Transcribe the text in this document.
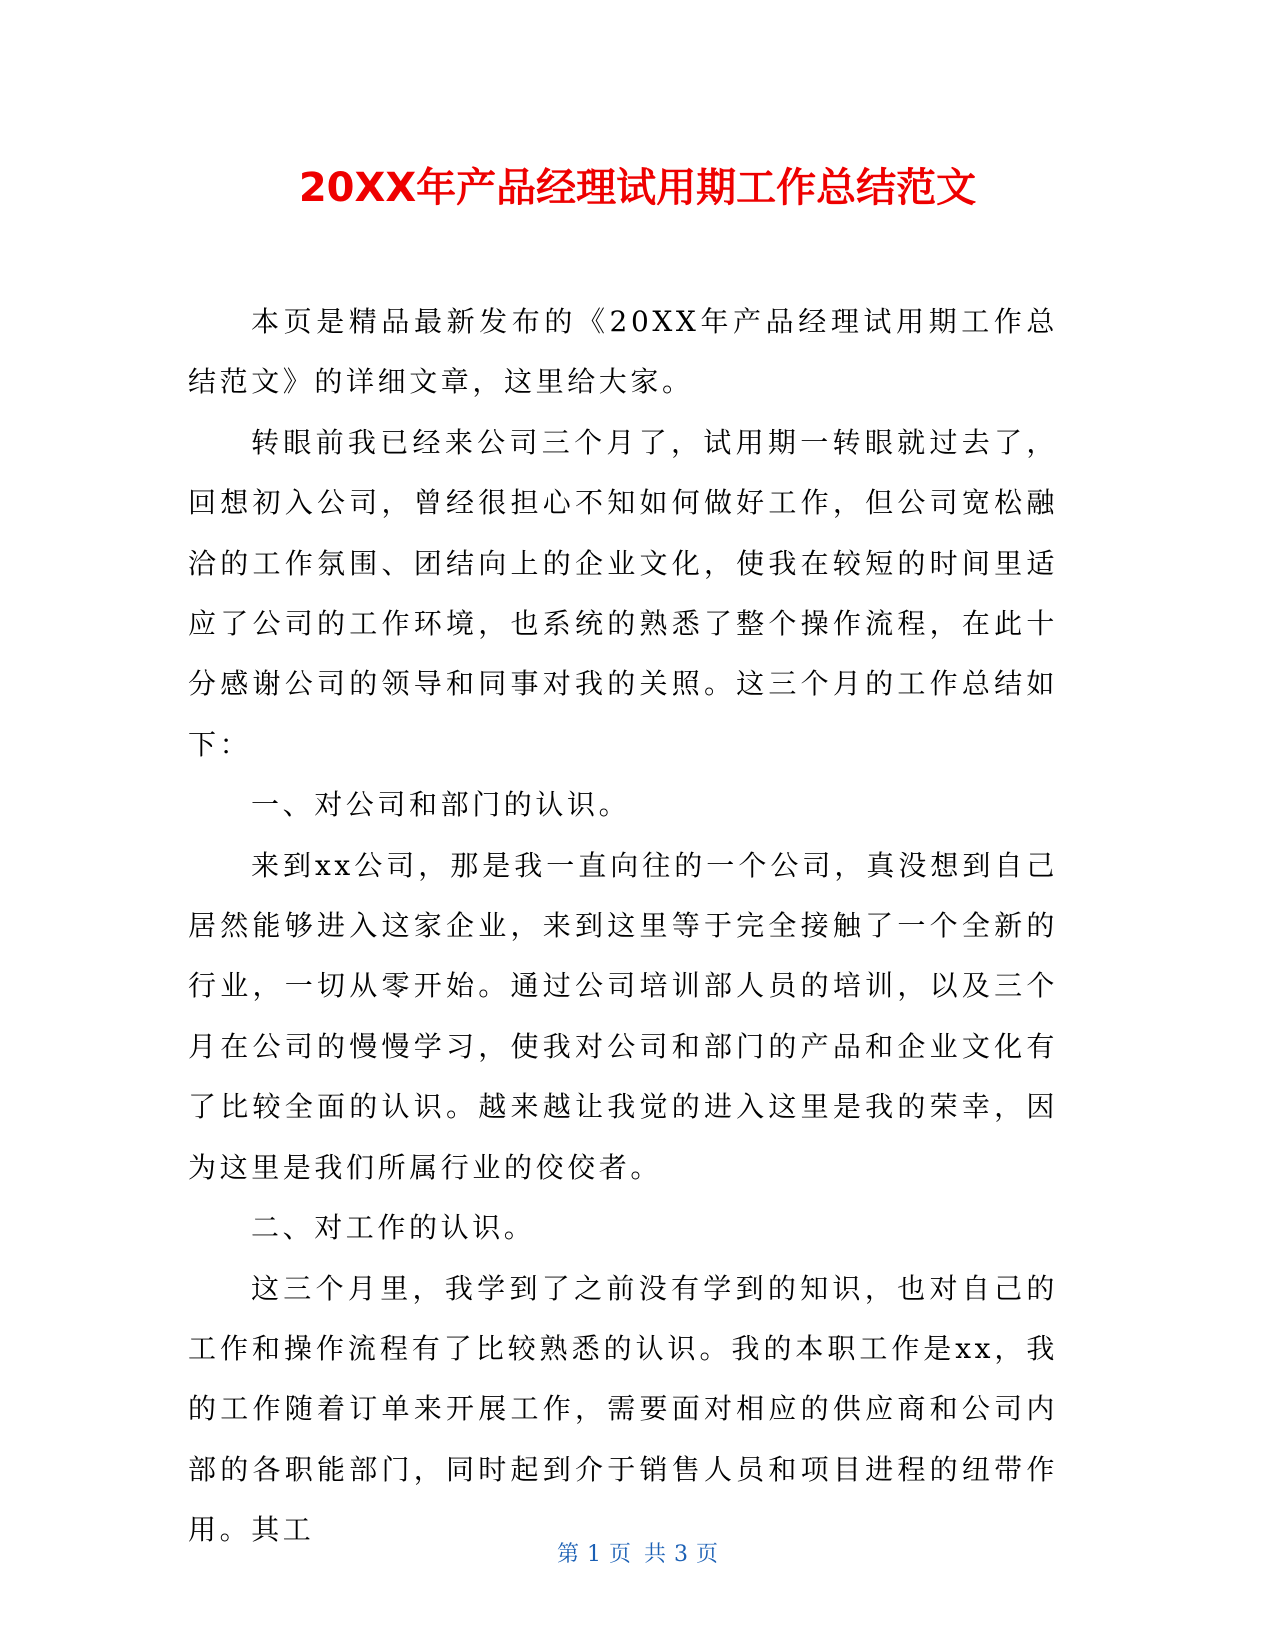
20XX年产品经理试用期工作总结范文

本页是精品最新发布的《20XX年产品经理试用期工作总结范文》的详细文章，这里给大家。

转眼前我已经来公司三个月了，试用期一转眼就过去了，回想初入公司，曾经很担心不知如何做好工作，但公司宽松融洽的工作氛围、团结向上的企业文化，使我在较短的时间里适应了公司的工作环境，也系统的熟悉了整个操作流程，在此十分感谢公司的领导和同事对我的关照。这三个月的工作总结如下：

一、对公司和部门的认识。

来到xx公司，那是我一直向往的一个公司，真没想到自己居然能够进入这家企业，来到这里等于完全接触了一个全新的行业，一切从零开始。通过公司培训部人员的培训，以及三个月在公司的慢慢学习，使我对公司和部门的产品和企业文化有了比较全面的认识。越来越让我觉的进入这里是我的荣幸，因为这里是我们所属行业的佼佼者。

二、对工作的认识。

这三个月里，我学到了之前没有学到的知识，也对自己的工作和操作流程有了比较熟悉的认识。我的本职工作是xx，我的工作随着订单来开展工作，需要面对相应的供应商和公司内部的各职能部门，同时起到介于销售人员和项目进程的纽带作用。其工

第 1 页 共 3 页
